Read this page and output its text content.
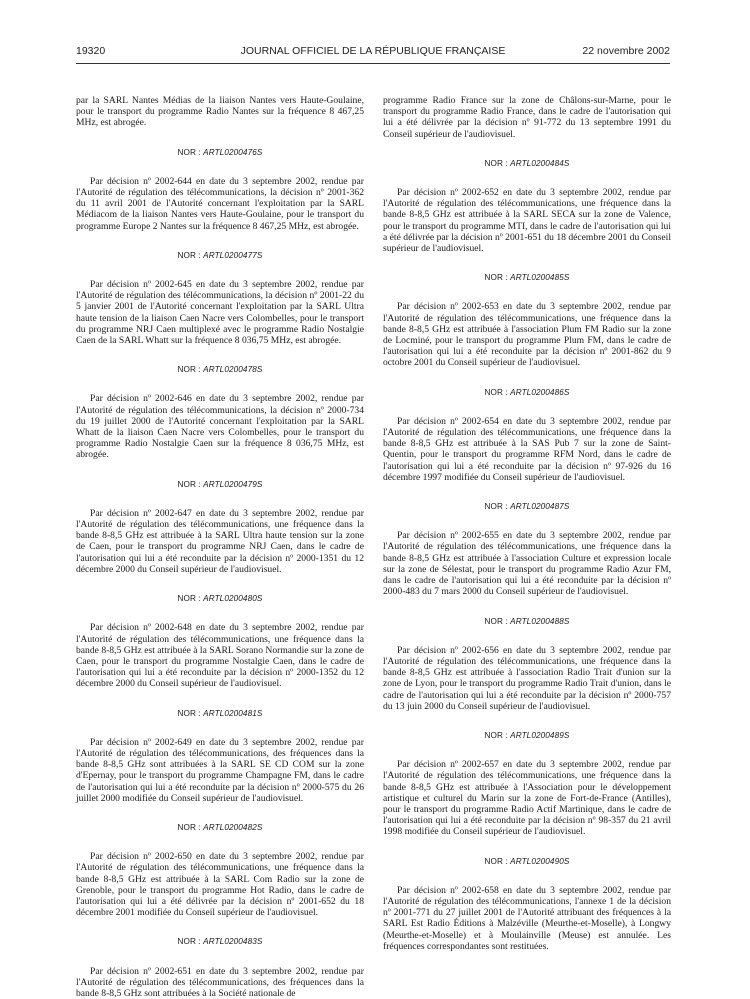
19320	JOURNAL OFFICIEL DE LA RÉPUBLIQUE FRANÇAISE	22 novembre 2002

par la SARL Nantes Médias de la liaison Nantes vers Haute-Goulaine, pour le transport du programme Radio Nantes sur la fréquence 8 467,25 MHz, est abrogée.

NOR : ARTL0200476S

Par décision nº 2002-644 en date du 3 septembre 2002, rendue par l'Autorité de régulation des télécommunications, la décision nº 2001-362 du 11 avril 2001 de l'Autorité concernant l'exploitation par la SARL Médiacom de la liaison Nantes vers Haute-Goulaine, pour le transport du programme Europe 2 Nantes sur la fréquence 8 467,25 MHz, est abrogée.

NOR : ARTL0200477S

Par décision nº 2002-645 en date du 3 septembre 2002, rendue par l'Autorité de régulation des télécommunications, la décision nº 2001-22 du 5 janvier 2001 de l'Autorité concernant l'exploitation par la SARL Ultra haute tension de la liaison Caen Nacre vers Colombelles, pour le transport du programme NRJ Caen multiplexé avec le programme Radio Nostalgie Caen de la SARL Whatt sur la fréquence 8 036,75 MHz, est abrogée.

NOR : ARTL0200478S

Par décision nº 2002-646 en date du 3 septembre 2002, rendue par l'Autorité de régulation des télécommunications, la décision nº 2000-734 du 19 juillet 2000 de l'Autorité concernant l'exploitation par la SARL Whatt de la liaison Caen Nacre vers Colombelles, pour le transport du programme Radio Nostalgie Caen sur la fréquence 8 036,75 MHz, est abrogée.

NOR : ARTL0200479S

Par décision nº 2002-647 en date du 3 septembre 2002, rendue par l'Autorité de régulation des télécommunications, une fréquence dans la bande 8-8,5 GHz est attribuée à la SARL Ultra haute tension sur la zone de Caen, pour le transport du programme NRJ Caen, dans le cadre de l'autorisation qui lui a été reconduite par la décision nº 2000-1351 du 12 décembre 2000 du Conseil supérieur de l'audiovisuel.

NOR : ARTL0200480S

Par décision nº 2002-648 en date du 3 septembre 2002, rendue par l'Autorité de régulation des télécommunications, une fréquence dans la bande 8-8,5 GHz est attribuée à la SARL Sorano Normandie sur la zone de Caen, pour le transport du programme Nostalgie Caen, dans le cadre de l'autorisation qui lui a été reconduite par la décision nº 2000-1352 du 12 décembre 2000 du Conseil supérieur de l'audiovisuel.

NOR : ARTL0200481S

Par décision nº 2002-649 en date du 3 septembre 2002, rendue par l'Autorité de régulation des télécommunications, des fréquences dans la bande 8-8,5 GHz sont attribuées à la SARL SE CD COM sur la zone d'Epernay, pour le transport du programme Champagne FM, dans le cadre de l'autorisation qui lui a été reconduite par la décision nº 2000-575 du 26 juillet 2000 modifiée du Conseil supérieur de l'audiovisuel.

NOR : ARTL0200482S

Par décision nº 2002-650 en date du 3 septembre 2002, rendue par l'Autorité de régulation des télécommunications, une fréquence dans la bande 8-8,5 GHz est attribuée à la SARL Com Radio sur la zone de Grenoble, pour le transport du programme Hot Radio, dans le cadre de l'autorisation qui lui a été délivrée par la décision nº 2001-652 du 18 décembre 2001 modifiée du Conseil supérieur de l'audiovisuel.

NOR : ARTL0200483S

Par décision nº 2002-651 en date du 3 septembre 2002, rendue par l'Autorité de régulation des télécommunications, des fréquences dans la bande 8-8,5 GHz sont attribuées à la Société nationale de

programme Radio France sur la zone de Châlons-sur-Marne, pour le transport du programme Radio France, dans le cadre de l'autorisation qui lui a été délivrée par la décision nº 91-772 du 13 septembre 1991 du Conseil supérieur de l'audiovisuel.

NOR : ARTL0200484S

Par décision nº 2002-652 en date du 3 septembre 2002, rendue par l'Autorité de régulation des télécommunications, une fréquence dans la bande 8-8,5 GHz est attribuée à la SARL SECA sur la zone de Valence, pour le transport du programme MTI, dans le cadre de l'autorisation qui lui a été délivrée par la décision nº 2001-651 du 18 décembre 2001 du Conseil supérieur de l'audiovisuel.

NOR : ARTL0200485S

Par décision nº 2002-653 en date du 3 septembre 2002, rendue par l'Autorité de régulation des télécommunications, une fréquence dans la bande 8-8,5 GHz est attribuée à l'association Plum FM Radio sur la zone de Locminé, pour le transport du programme Plum FM, dans le cadre de l'autorisation qui lui a été reconduite par la décision nº 2001-862 du 9 octobre 2001 du Conseil supérieur de l'audiovisuel.

NOR : ARTL0200486S

Par décision nº 2002-654 en date du 3 septembre 2002, rendue par l'Autorité de régulation des télécommunications, une fréquence dans la bande 8-8,5 GHz est attribuée à la SAS Pub 7 sur la zone de Saint-Quentin, pour le transport du programme RFM Nord, dans le cadre de l'autorisation qui lui a été reconduite par la décision nº 97-926 du 16 décembre 1997 modifiée du Conseil supérieur de l'audiovisuel.

NOR : ARTL0200487S

Par décision nº 2002-655 en date du 3 septembre 2002, rendue par l'Autorité de régulation des télécommunications, une fréquence dans la bande 8-8,5 GHz est attribuée à l'association Culture et expression locale sur la zone de Sélestat, pour le transport du programme Radio Azur FM, dans le cadre de l'autorisation qui lui a été reconduite par la décision nº 2000-483 du 7 mars 2000 du Conseil supérieur de l'audiovisuel.

NOR : ARTL0200488S

Par décision nº 2002-656 en date du 3 septembre 2002, rendue par l'Autorité de régulation des télécommunications, une fréquence dans la bande 8-8,5 GHz est attribuée à l'association Radio Trait d'union sur la zone de Lyon, pour le transport du programme Radio Trait d'union, dans le cadre de l'autorisation qui lui a été reconduite par la décision nº 2000-757 du 13 juin 2000 du Conseil supérieur de l'audiovisuel.

NOR : ARTL0200489S

Par décision nº 2002-657 en date du 3 septembre 2002, rendue par l'Autorité de régulation des télécommunications, une fréquence dans la bande 8-8,5 GHz est attribuée à l'Association pour le développement artistique et culturel du Marin sur la zone de Fort-de-France (Antilles), pour le transport du programme Radio Actif Martinique, dans le cadre de l'autorisation qui lui a été reconduite par la décision nº 98-357 du 21 avril 1998 modifiée du Conseil supérieur de l'audiovisuel.

NOR : ARTL0200490S

Par décision nº 2002-658 en date du 3 septembre 2002, rendue par l'Autorité de régulation des télécommunications, l'annexe 1 de la décision nº 2001-771 du 27 juillet 2001 de l'Autorité attribuant des fréquences à la SARL Est Radio Éditions à Malzéville (Meurthe-et-Moselle), à Longwy (Meurthe-et-Moselle) et à Moulainville (Meuse) est annulée. Les fréquences correspondantes sont restituées.
